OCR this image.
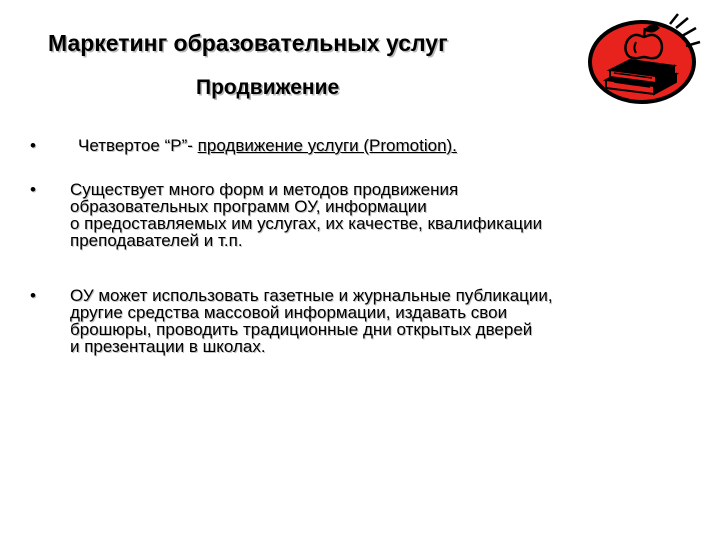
Маркетинг образовательных услуг
Продвижение
• Четвертое “P”- продвижение услуги (Promotion).
• Существует много форм и методов продвижения
образовательных программ ОУ, информации
о предоставляемых им услугах, их качестве, квалификации
преподавателей и т.п.
• ОУ может использовать газетные и журнальные публикации,
другие средства массовой информации, издавать свои
брошюры, проводить традиционные дни открытых дверей
и презентации в школах.
